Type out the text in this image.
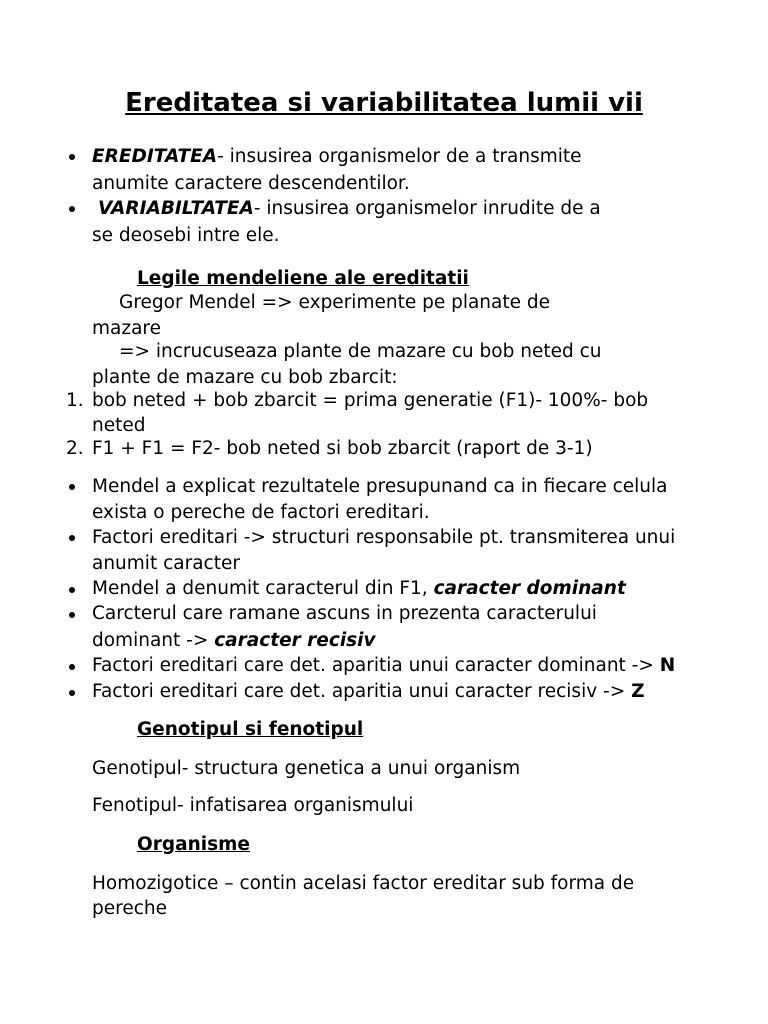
Ereditatea si variabilitatea lumii vii
EREDITATEA- insusirea organismelor de a transmite
anumite caractere descendentilor.
VARIABILTATEA- insusirea organismelor inrudite de a
se deosebi intre ele.
Legile mendeliene ale ereditatii
Gregor Mendel => experimente pe planate de
mazare
=> incrucuseaza plante de mazare cu bob neted cu
plante de mazare cu bob zbarcit:
1. bob neted + bob zbarcit = prima generatie (F1)- 100%- bob
neted
2. F1 + F1 = F2- bob neted si bob zbarcit (raport de 3-1)
Mendel a explicat rezultatele presupunand ca in fiecare celula
exista o pereche de factori ereditari.
Factori ereditari -> structuri responsabile pt. transmiterea unui
anumit caracter
Mendel a denumit caracterul din F1, caracter dominant
Carcterul care ramane ascuns in prezenta caracterului
dominant -> caracter recisiv
Factori ereditari care det. aparitia unui caracter dominant -> N
Factori ereditari care det. aparitia unui caracter recisiv -> Z
Genotipul si fenotipul
Genotipul- structura genetica a unui organism
Fenotipul- infatisarea organismului
Organisme
Homozigotice – contin acelasi factor ereditar sub forma de
pereche
